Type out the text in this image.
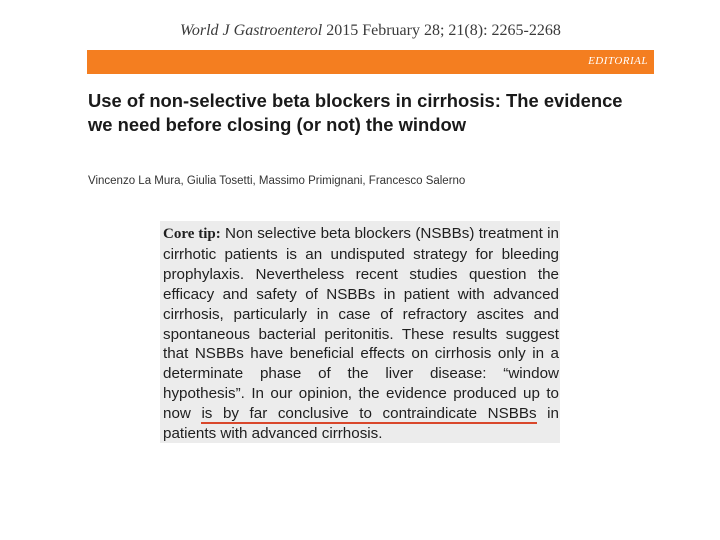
World J Gastroenterol 2015 February 28; 21(8): 2265-2268
EDITORIAL
Use of non-selective beta blockers in cirrhosis: The evidence
we need before closing (or not) the window
Vincenzo La Mura, Giulia Tosetti, Massimo Primignani, Francesco Salerno
Core tip: Non selective beta blockers (NSBBs) treatment in cirrhotic patients is an undisputed strategy for bleeding prophylaxis. Nevertheless recent studies question the efficacy and safety of NSBBs in patient with advanced cirrhosis, particularly in case of refractory ascites and spontaneous bacterial peritonitis. These results suggest that NSBBs have beneficial effects on cirrhosis only in a determinate phase of the liver disease: “window hypothesis”. In our opinion, the evidence produced up to now is by far conclusive to contraindicate NSBBs in patients with advanced cirrhosis.
